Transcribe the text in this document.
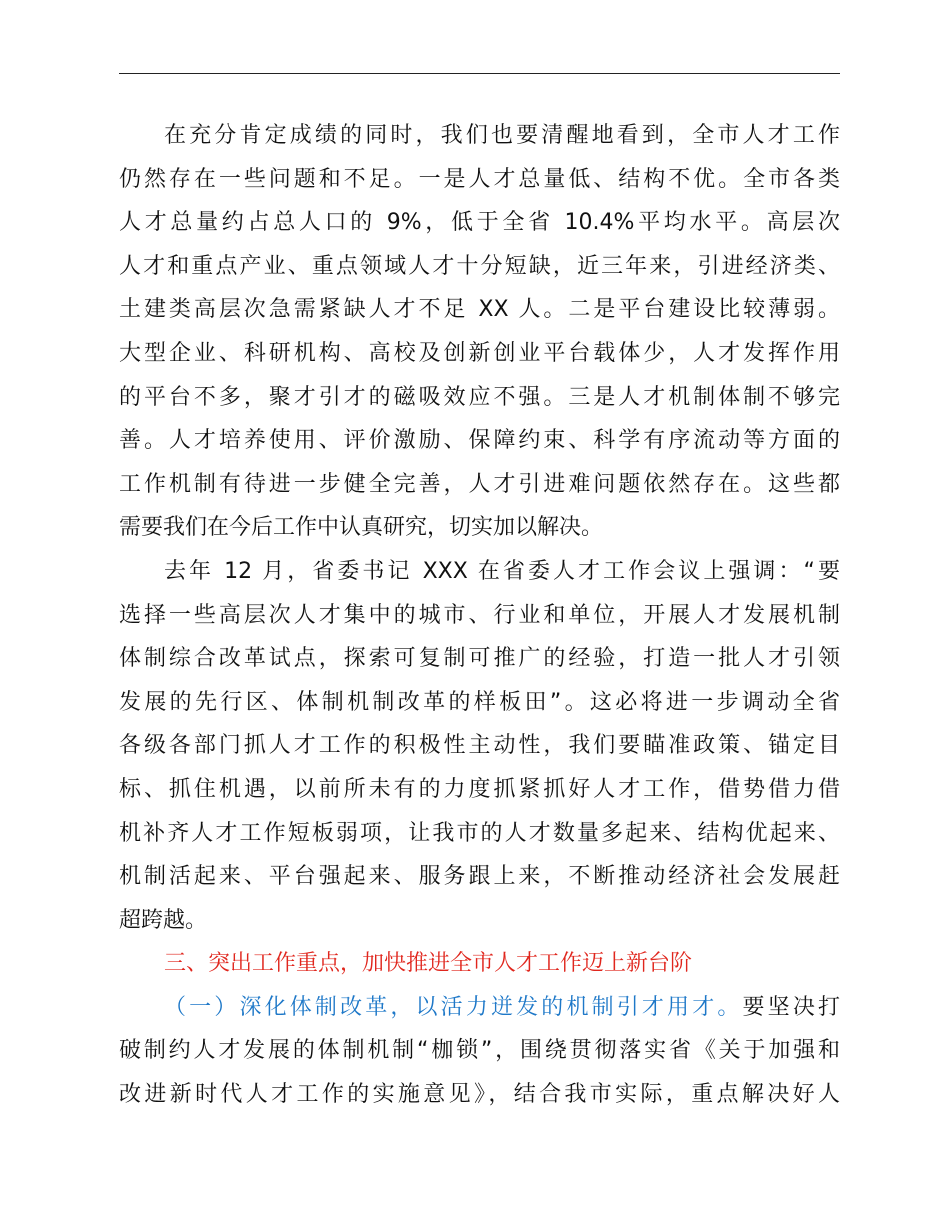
在充分肯定成绩的同时，我们也要清醒地看到，全市人才工作
仍然存在一些问题和不足。一是人才总量低、结构不优。全市各类
人才总量约占总人口的 9%，低于全省 10.4%平均水平。高层次
人才和重点产业、重点领域人才十分短缺，近三年来，引进经济类、
土建类高层次急需紧缺人才不足 XX 人。二是平台建设比较薄弱。
大型企业、科研机构、高校及创新创业平台载体少，人才发挥作用
的平台不多，聚才引才的磁吸效应不强。三是人才机制体制不够完
善。人才培养使用、评价激励、保障约束、科学有序流动等方面的
工作机制有待进一步健全完善，人才引进难问题依然存在。这些都
需要我们在今后工作中认真研究，切实加以解决。
去年 12 月，省委书记 XXX 在省委人才工作会议上强调：“要
选择一些高层次人才集中的城市、行业和单位，开展人才发展机制
体制综合改革试点，探索可复制可推广的经验，打造一批人才引领
发展的先行区、体制机制改革的样板田”。这必将进一步调动全省
各级各部门抓人才工作的积极性主动性，我们要瞄准政策、锚定目
标、抓住机遇，以前所未有的力度抓紧抓好人才工作，借势借力借
机补齐人才工作短板弱项，让我市的人才数量多起来、结构优起来、
机制活起来、平台强起来、服务跟上来，不断推动经济社会发展赶
超跨越。
三、突出工作重点，加快推进全市人才工作迈上新台阶
（一）深化体制改革，以活力迸发的机制引才用才。要坚决打
破制约人才发展的体制机制“枷锁”，围绕贯彻落实省《关于加强和
改进新时代人才工作的实施意见》，结合我市实际，重点解决好人
